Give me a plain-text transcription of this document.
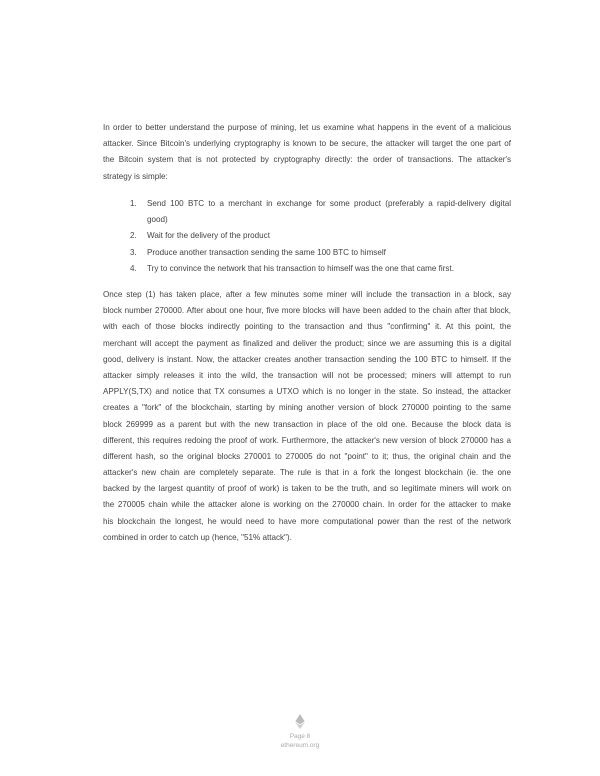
In order to better understand the purpose of mining, let us examine what happens in the event of a malicious
attacker. Since Bitcoin's underlying cryptography is known to be secure, the attacker will target the one part of
the Bitcoin system that is not protected by cryptography directly: the order of transactions. The attacker's
strategy is simple:
1. Send 100 BTC to a merchant in exchange for some product (preferably a rapid-delivery digital
good)
2. Wait for the delivery of the product
3. Produce another transaction sending the same 100 BTC to himself
4. Try to convince the network that his transaction to himself was the one that came first.
Once step (1) has taken place, after a few minutes some miner will include the transaction in a block, say
block number 270000. After about one hour, five more blocks will have been added to the chain after that block,
with each of those blocks indirectly pointing to the transaction and thus "confirming" it. At this point, the
merchant will accept the payment as finalized and deliver the product; since we are assuming this is a digital
good, delivery is instant. Now, the attacker creates another transaction sending the 100 BTC to himself. If the
attacker simply releases it into the wild, the transaction will not be processed; miners will attempt to run
APPLY(S,TX) and notice that TX consumes a UTXO which is no longer in the state. So instead, the attacker
creates a "fork" of the blockchain, starting by mining another version of block 270000 pointing to the same
block 269999 as a parent but with the new transaction in place of the old one. Because the block data is
different, this requires redoing the proof of work. Furthermore, the attacker's new version of block 270000 has a
different hash, so the original blocks 270001 to 270005 do not "point" to it; thus, the original chain and the
attacker's new chain are completely separate. The rule is that in a fork the longest blockchain (ie. the one
backed by the largest quantity of proof of work) is taken to be the truth, and so legitimate miners will work on
the 270005 chain while the attacker alone is working on the 270000 chain. In order for the attacker to make
his blockchain the longest, he would need to have more computational power than the rest of the network
combined in order to catch up (hence, "51% attack").
Page 8
ethereum.org
